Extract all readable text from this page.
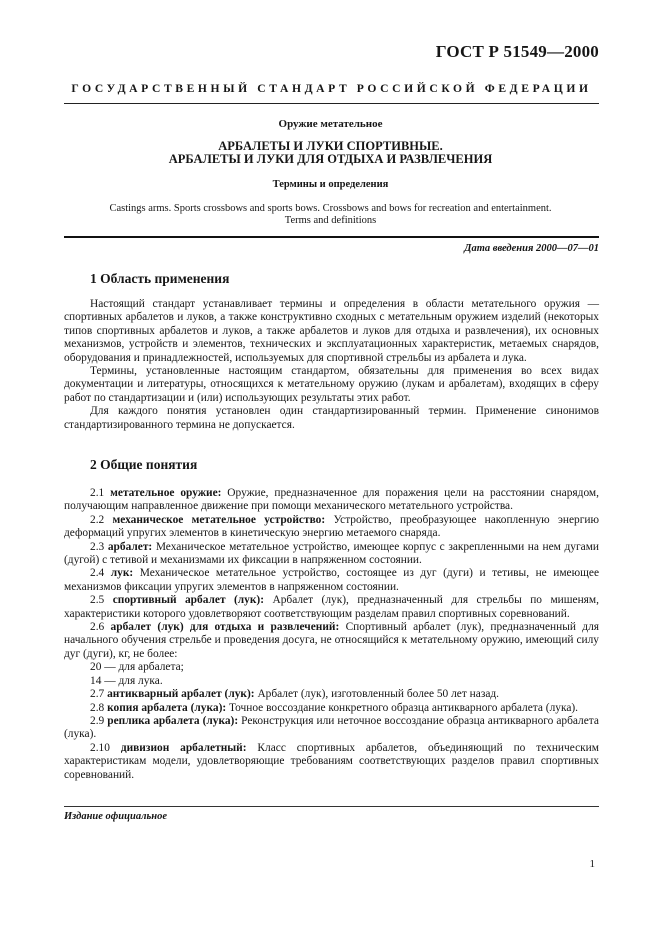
ГОСТ Р 51549—2000
ГОСУДАРСТВЕННЫЙ СТАНДАРТ РОССИЙСКОЙ ФЕДЕРАЦИИ
Оружие метательное
АРБАЛЕТЫ И ЛУКИ СПОРТИВНЫЕ.
АРБАЛЕТЫ И ЛУКИ ДЛЯ ОТДЫХА И РАЗВЛЕЧЕНИЯ
Термины и определения
Castings arms. Sports crossbows and sports bows. Crossbows and bows for recreation and entertainment.
Terms and definitions
Дата введения 2000—07—01
1 Область применения

Настоящий стандарт устанавливает термины и определения в области метательного оружия — спортивных арбалетов и луков, а также конструктивно сходных с метательным оружием изделий (некоторых типов спортивных арбалетов и луков, а также арбалетов и луков для отдыха и развлечения), их основных механизмов, устройств и элементов, технических и эксплуатационных характеристик, метаемых снарядов, оборудования и принадлежностей, используемых для спортивной стрельбы из арбалета и лука.

Термины, установленные настоящим стандартом, обязательны для применения во всех видах документации и литературы, относящихся к метательному оружию (лукам и арбалетам), входящих в сферу работ по стандартизации и (или) использующих результаты этих работ.

Для каждого понятия установлен один стандартизированный термин. Применение синонимов стандартизированного термина не допускается.

2 Общие понятия

2.1 метательное оружие: Оружие, предназначенное для поражения цели на расстоянии снарядом, получающим направленное движение при помощи механического метательного устройства.

2.2 механическое метательное устройство: Устройство, преобразующее накопленную энергию деформаций упругих элементов в кинетическую энергию метаемого снаряда.

2.3 арбалет: Механическое метательное устройство, имеющее корпус с закрепленными на нем дугами (дугой) с тетивой и механизмами их фиксации в напряженном состоянии.

2.4 лук: Механическое метательное устройство, состоящее из дуг (дуги) и тетивы, не имеющее механизмов фиксации упругих элементов в напряженном состоянии.

2.5 спортивный арбалет (лук): Арбалет (лук), предназначенный для стрельбы по мишеням, характеристики которого удовлетворяют соответствующим разделам правил спортивных соревнований.

2.6 арбалет (лук) для отдыха и развлечений: Спортивный арбалет (лук), предназначенный для начального обучения стрельбе и проведения досуга, не относящийся к метательному оружию, имеющий силу дуг (дуги), кг, не более:

20 — для арбалета;

14 — для лука.

2.7 антикварный арбалет (лук): Арбалет (лук), изготовленный более 50 лет назад.

2.8 копия арбалета (лука): Точное воссоздание конкретного образца антикварного арбалета (лука).

2.9 реплика арбалета (лука): Реконструкция или неточное воссоздание образца антикварного арбалета (лука).

2.10 дивизион арбалетный: Класс спортивных арбалетов, объединяющий по техническим характеристикам модели, удовлетворяющие требованиям соответствующих разделов правил спортивных соревнований.

Издание официальное
1
